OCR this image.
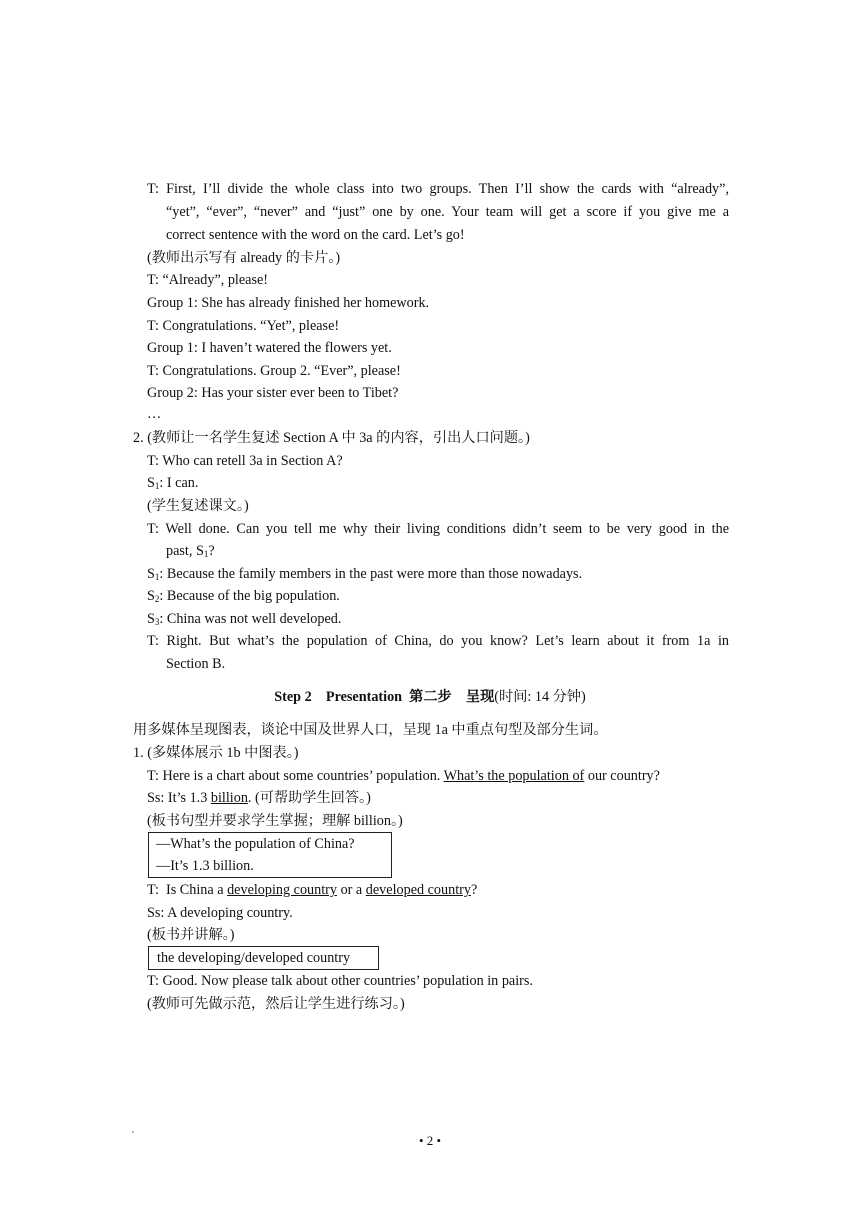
T: First, I’ll divide the whole class into two groups. Then I’ll show the cards with “already”,
“yet”, “ever”, “never” and “just” one by one. Your team will get a score if you give me a
correct sentence with the word on the card. Let’s go!
(教师出示写有 already 的卡片。)
T: “Already”, please!
Group 1: She has already finished her homework.
T: Congratulations. “Yet”, please!
Group 1: I haven’t watered the flowers yet.
T: Congratulations. Group 2. “Ever”, please!
Group 2: Has your sister ever been to Tibet?
…
2. (教师让一名学生复述 Section A 中 3a 的内容，引出人口问题。)
T: Who can retell 3a in Section A?
$S_1$: I can.
(学生复述课文。)
T: Well done. Can you tell me why their living conditions didn’t seem to be very good in the
past, $S_1$?
$S_1$: Because the family members in the past were more than those nowadays.
$S_2$: Because of the big population.
$S_3$: China was not well developed.
T: Right. But what’s the population of China, do you know? Let’s learn about it from 1a in
Section B.
Step 2    Presentation  第二步    呈现(时间: 14 分钟)
用多媒体呈现图表，谈论中国及世界人口，呈现 1a 中重点句型及部分生词。
1. (多媒体展示 1b 中图表。)
T: Here is a chart about some countries’ population. What’s the population of our country?
Ss: It’s 1.3 billion. (可帮助学生回答。)
(板书句型并要求学生掌握；理解 billion。)
—What’s the population of China?
—It’s 1.3 billion.
T:  Is China a developing country or a developed country?
Ss: A developing country.
(板书并讲解。)
the developing/developed country
T: Good. Now please talk about other countries’ population in pairs.
(教师可先做示范，然后让学生进行练习。)
`	• 2 •
